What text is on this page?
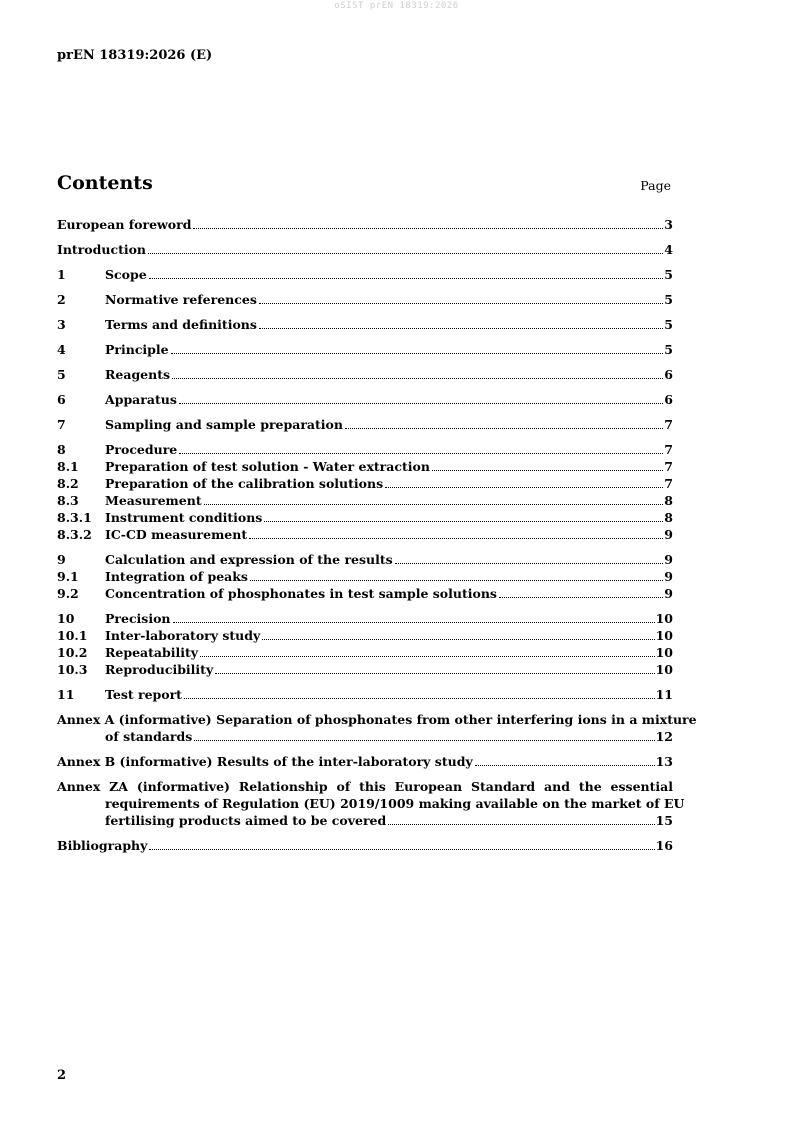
oSIST prEN 18319:2026
prEN 18319:2026 (E)
Contents	Page
European foreword	3
Introduction	4
1	Scope	5
2	Normative references	5
3	Terms and definitions	5
4	Principle	5
5	Reagents	6
6	Apparatus	6
7	Sampling and sample preparation	7
8	Procedure	7
8.1	Preparation of test solution - Water extraction	7
8.2	Preparation of the calibration solutions	7
8.3	Measurement	8
8.3.1	Instrument conditions	8
8.3.2	IC-CD measurement	9
9	Calculation and expression of the results	9
9.1	Integration of peaks	9
9.2	Concentration of phosphonates in test sample solutions	9
10	Precision	10
10.1	Inter-laboratory study	10
10.2	Repeatability	10
10.3	Reproducibility	10
11	Test report	11
Annex A (informative) Separation of phosphonates from other interfering ions in a mixture
of standards	12
Annex B (informative) Results of the inter-laboratory study	13
Annex ZA (informative) Relationship of this European Standard and the essential
requirements of Regulation (EU) 2019/1009 making available on the market of EU
fertilising products aimed to be covered	15
Bibliography	16
2
